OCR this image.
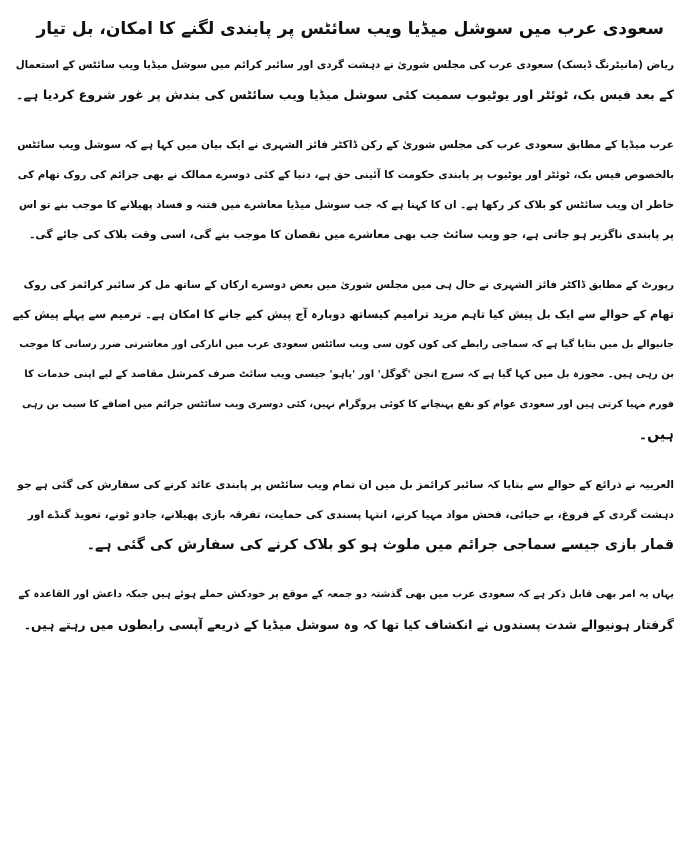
سعودی عرب میں سوشل میڈیا ویب سائٹس پر پابندی لگنے کا امکان، بل تیار
ریاض (مانیٹرنگ ڈیسک) سعودی عرب کی مجلس شوریٰ نے دہشت گردی اور سائبر کرائم میں سوشل میڈیا ویب سائٹس کے استعمال
کے بعد فیس بک، ٹوئٹر اور یوٹیوب سمیت کئی سوشل میڈیا ویب سائٹس کی بندش پر غور شروع کردیا ہے۔
عرب میڈیا کے مطابق سعودی عرب کی مجلس شوریٰ کے رکن ڈاکٹر فائز الشہری نے ایک بیان میں کہا ہے کہ سوشل ویب سائٹس
بالخصوص فیس بک، ٹوئٹر اور یوٹیوب پر پابندی حکومت کا آئینی حق ہے، دنیا کے کئی دوسرے ممالک نے بھی جرائم کی روک تھام کی
خاطر ان ویب سائٹس کو بلاک کر رکھا ہے۔ ان کا کہنا ہے کہ جب سوشل میڈیا معاشرے میں فتنہ و فساد پھیلانے کا موجب بنے تو اس
پر پابندی ناگزیر ہو جاتی ہے، جو ویب سائٹ جب بھی معاشرے میں نقصان کا موجب بنے گی، اسی وقت بلاک کی جائے گی۔
رپورٹ کے مطابق ڈاکٹر فائز الشہری نے حال ہی میں مجلس شوریٰ میں بعض دوسرے ارکان کے ساتھ مل کر سائبر کرائمز کی روک
تھام کے حوالے سے ایک بل پیش کیا تاہم مزید ترامیم کیساتھ دوبارہ آج پیش کیے جانے کا امکان ہے۔ ترمیم سے پہلے پیش کیے
جانیوالے بل میں بتایا گیا ہے کہ سماجی رابطے کی کون کون سی ویب سائٹس سعودی عرب میں انارکی اور معاشرتی ضرر رسانی کا موجب
بن رہی ہیں۔ مجوزہ بل میں کہا گیا ہے کہ سرچ انجن 'گوگل' اور 'یاہو' جیسی ویب سائٹ صرف کمرشل مقاصد کے لیے اپنی خدمات کا
فورم مہیا کرتی ہیں اور سعودی عوام کو نفع پہنچانے کا کوئی پروگرام نہیں، کئی دوسری ویب سائٹس جرائم میں اضافے کا سبب بن رہی
ہیں۔
العربیہ نے ذرائع کے حوالے سے بتایا کہ سائبر کرائمز بل میں ان تمام ویب سائٹس پر پابندی عائد کرنے کی سفارش کی گئی ہے جو
دہشت گردی کے فروغ، بے حیائی، فحش مواد مہیا کرنے، انتہا پسندی کی حمایت، تفرقہ بازی پھیلانے، جادو ٹونے، تعویذ گنڈے اور
قمار بازی جیسے سماجی جرائم میں ملوث ہو کو بلاک کرنے کی سفارش کی گئی ہے۔
یہاں یہ امر بھی قابل ذکر ہے کہ سعودی عرب میں بھی گذشتہ دو جمعہ کے موقع پر خودکش حملے ہوئے ہیں جبکہ داعش اور القاعدہ کے
گرفتار ہونیوالے شدت پسندوں نے انکشاف کیا تھا کہ وہ سوشل میڈیا کے ذریعے آپسی رابطوں میں رہتے ہیں۔
